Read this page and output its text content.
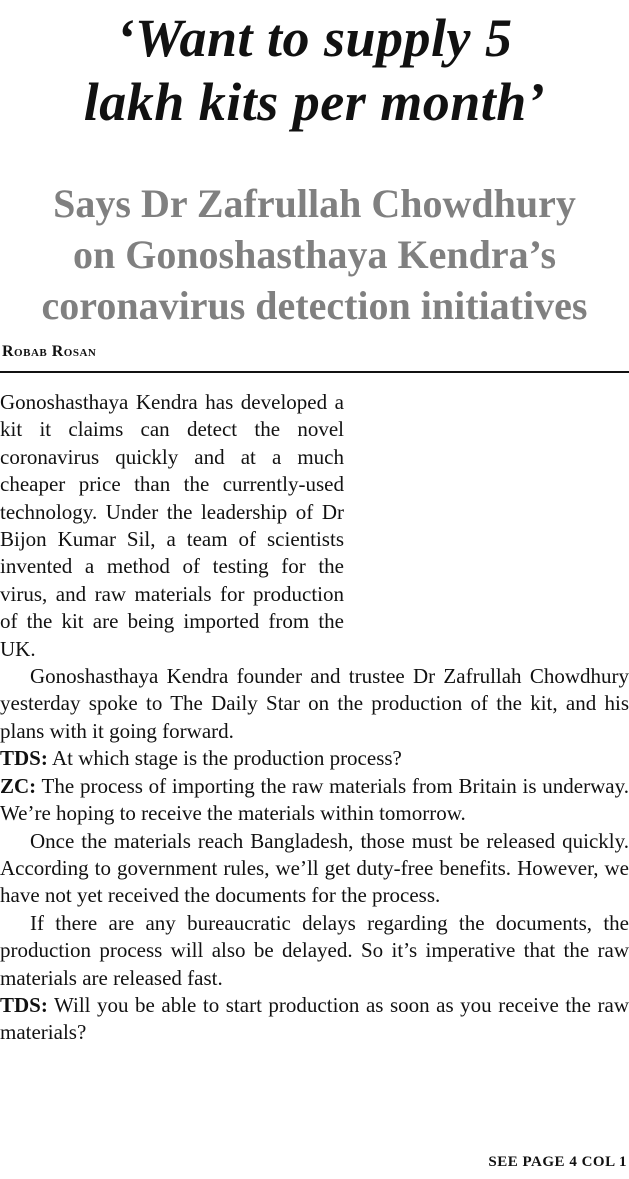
‘Want to supply 5
lakh kits per month’
Says Dr Zafrullah Chowdhury
on Gonoshasthaya Kendra’s
coronavirus detection initiatives
Robab Rosan

Gonoshasthaya Kendra has developed a kit it claims can detect the novel coronavirus quickly and at a much cheaper price than the currently-used technology. Under the leadership of Dr Bijon Kumar Sil, a team of scientists invented a method of testing for the virus, and raw materials for production of the kit are being imported from the UK.

Gonoshasthaya Kendra founder and trustee Dr Zafrullah Chowdhury yesterday spoke to The Daily Star on the production of the kit, and his plans with it going forward.

TDS: At which stage is the production process?

ZC: The process of importing the raw materials from Britain is underway. We’re hoping to receive the materials within tomorrow.

Once the materials reach Bangladesh, those must be released quickly. According to government rules, we’ll get duty-free benefits. However, we have not yet received the documents for the process.

If there are any bureaucratic delays regarding the documents, the production process will also be delayed. So it’s imperative that the raw materials are released fast.

TDS: Will you be able to start production as soon as you receive the raw materials?

SEE PAGE 4 COL 1
